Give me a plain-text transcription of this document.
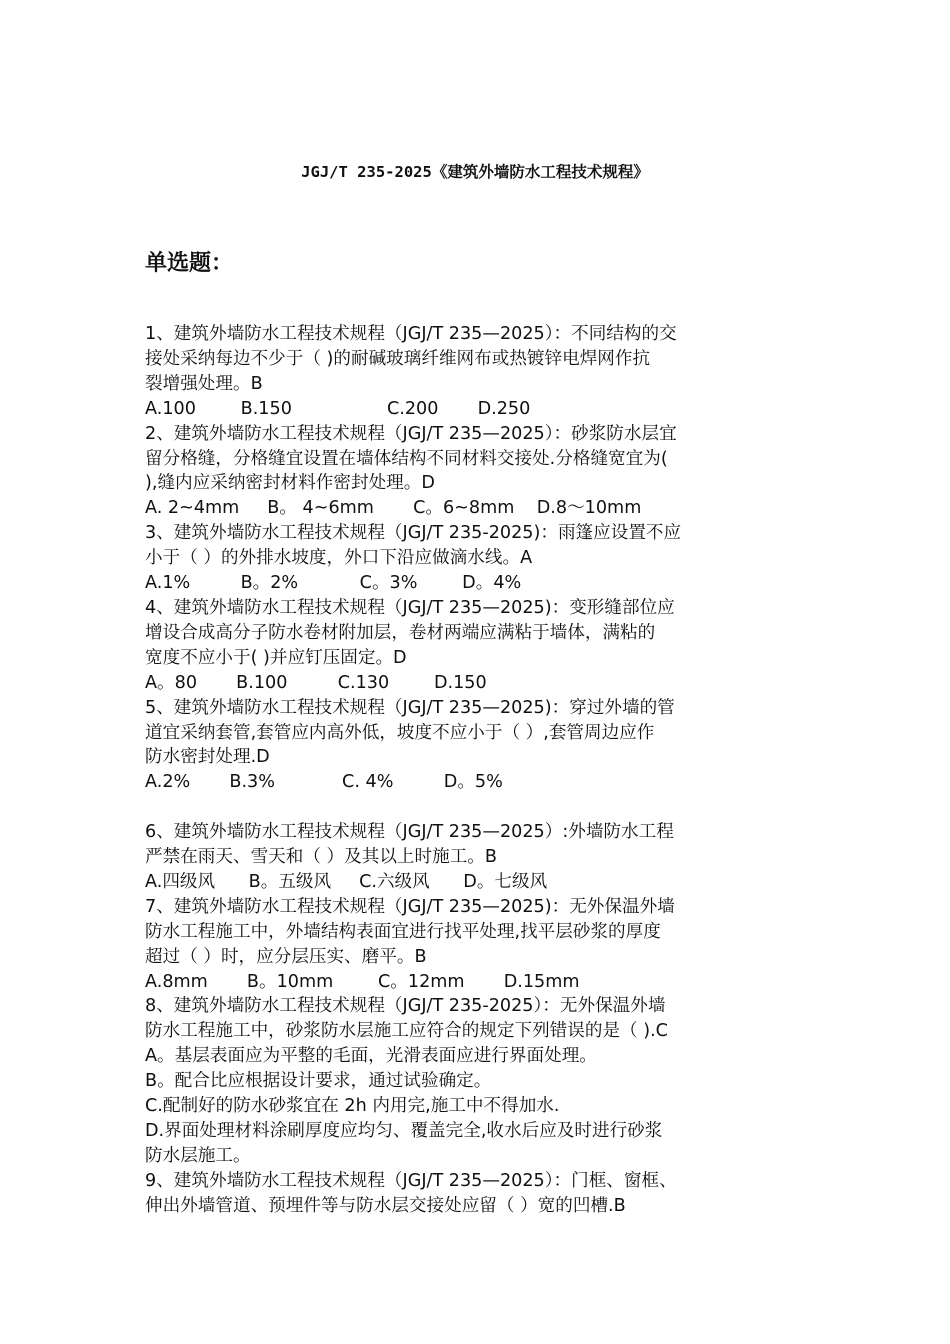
JGJ/T 235-2025《建筑外墙防水工程技术规程》
单选题：

1、建筑外墙防水工程技术规程（JGJ/T 235—2025）：不同结构的交

接处采纳每边不少于（ )的耐碱玻璃纤维网布或热镀锌电焊网作抗

裂增强处理。B

A.100        B.150                 C.200       D.250

2、建筑外墙防水工程技术规程（JGJ/T 235—2025）：砂浆防水层宜

留分格缝，分格缝宜设置在墙体结构不同材料交接处.分格缝宽宜为(

),缝内应采纳密封材料作密封处理。D

A. 2~4mm     B。 4~6mm       C。6~8mm    D.8～10mm

3、建筑外墙防水工程技术规程（JGJ/T 235-2025)：雨篷应设置不应

小于（ ）的外排水坡度，外口下沿应做滴水线。A

A.1%         B。2%           C。3%        D。4%

4、建筑外墙防水工程技术规程（JGJ/T 235—2025)：变形缝部位应

增设合成高分子防水卷材附加层，卷材两端应满粘于墙体，满粘的

宽度不应小于( )并应钉压固定。D

A。80       B.100         C.130        D.150

5、建筑外墙防水工程技术规程（JGJ/T 235—2025)：穿过外墙的管

道宜采纳套管,套管应内高外低，坡度不应小于（ ）,套管周边应作

防水密封处理.D

A.2%       B.3%            C. 4%         D。5%

6、建筑外墙防水工程技术规程（JGJ/T 235—2025）:外墙防水工程

严禁在雨天、雪天和（ ）及其以上时施工。B

A.四级风      B。五级风     C.六级风      D。七级风

7、建筑外墙防水工程技术规程（JGJ/T 235—2025)：无外保温外墙

防水工程施工中，外墙结构表面宜进行找平处理,找平层砂浆的厚度

超过（ ）时，应分层压实、磨平。B

A.8mm       B。10mm        C。12mm       D.15mm

8、建筑外墙防水工程技术规程（JGJ/T 235-2025）：无外保温外墙

防水工程施工中，砂浆防水层施工应符合的规定下列错误的是（ ).C

A。基层表面应为平整的毛面，光滑表面应进行界面处理。

B。配合比应根据设计要求，通过试验确定。

C.配制好的防水砂浆宜在 2h 内用完,施工中不得加水.

D.界面处理材料涂刷厚度应均匀、覆盖完全,收水后应及时进行砂浆

防水层施工。

9、建筑外墙防水工程技术规程（JGJ/T 235—2025）：门框、窗框、

伸出外墙管道、预埋件等与防水层交接处应留（ ）宽的凹槽.B
